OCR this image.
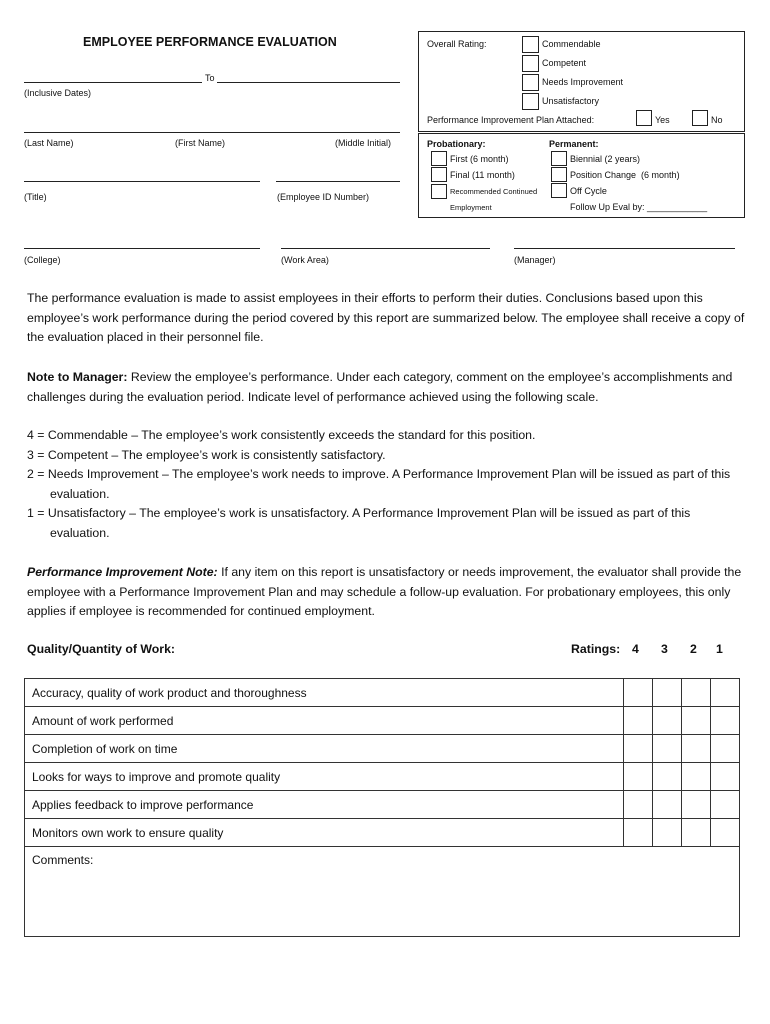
EMPLOYEE PERFORMANCE EVALUATION
To
(Inclusive Dates)
(Last Name)	(First Name)	(Middle Initial)
(Title)	(Employee ID Number)
(College)	(Work Area)	(Manager)
Overall Rating:	Commendable
Competent
Needs Improvement
Unsatisfactory
Performance Improvement Plan Attached:	Yes	No
Probationary:
First (6 month)
Final (11 month)
Recommended Continued
Employment
Permanent:
Biennial (2 years)
Position Change  (6 month)
Off Cycle
Follow Up Eval by: ____________
The performance evaluation is made to assist employees in their efforts to perform their duties. Conclusions based upon this employee’s work performance during the period covered by this report are summarized below. The employee shall receive a copy of the evaluation placed in their personnel file.
Note to Manager: Review the employee’s performance. Under each category, comment on the employee’s accomplishments and challenges during the evaluation period. Indicate level of performance achieved using the following scale.
4 = Commendable – The employee’s work consistently exceeds the standard for this position.
3 = Competent – The employee’s work is consistently satisfactory.
2 = Needs Improvement – The employee’s work needs to improve. A Performance Improvement Plan will be issued as part of this evaluation.
1 = Unsatisfactory – The employee’s work is unsatisfactory. A Performance Improvement Plan will be issued as part of this evaluation.
Performance Improvement Note: If any item on this report is unsatisfactory or needs improvement, the evaluator shall provide the employee with a Performance Improvement Plan and may schedule a follow-up evaluation. For probationary employees, this only applies if employee is recommended for continued employment.
Quality/Quantity of Work:	Ratings: 4 3 2 1
Accuracy, quality of work product and thoroughness				
Amount of work performed				
Completion of work on time				
Looks for ways to improve and promote quality				
Applies feedback to improve performance				
Monitors own work to ensure quality				
Comments:				
